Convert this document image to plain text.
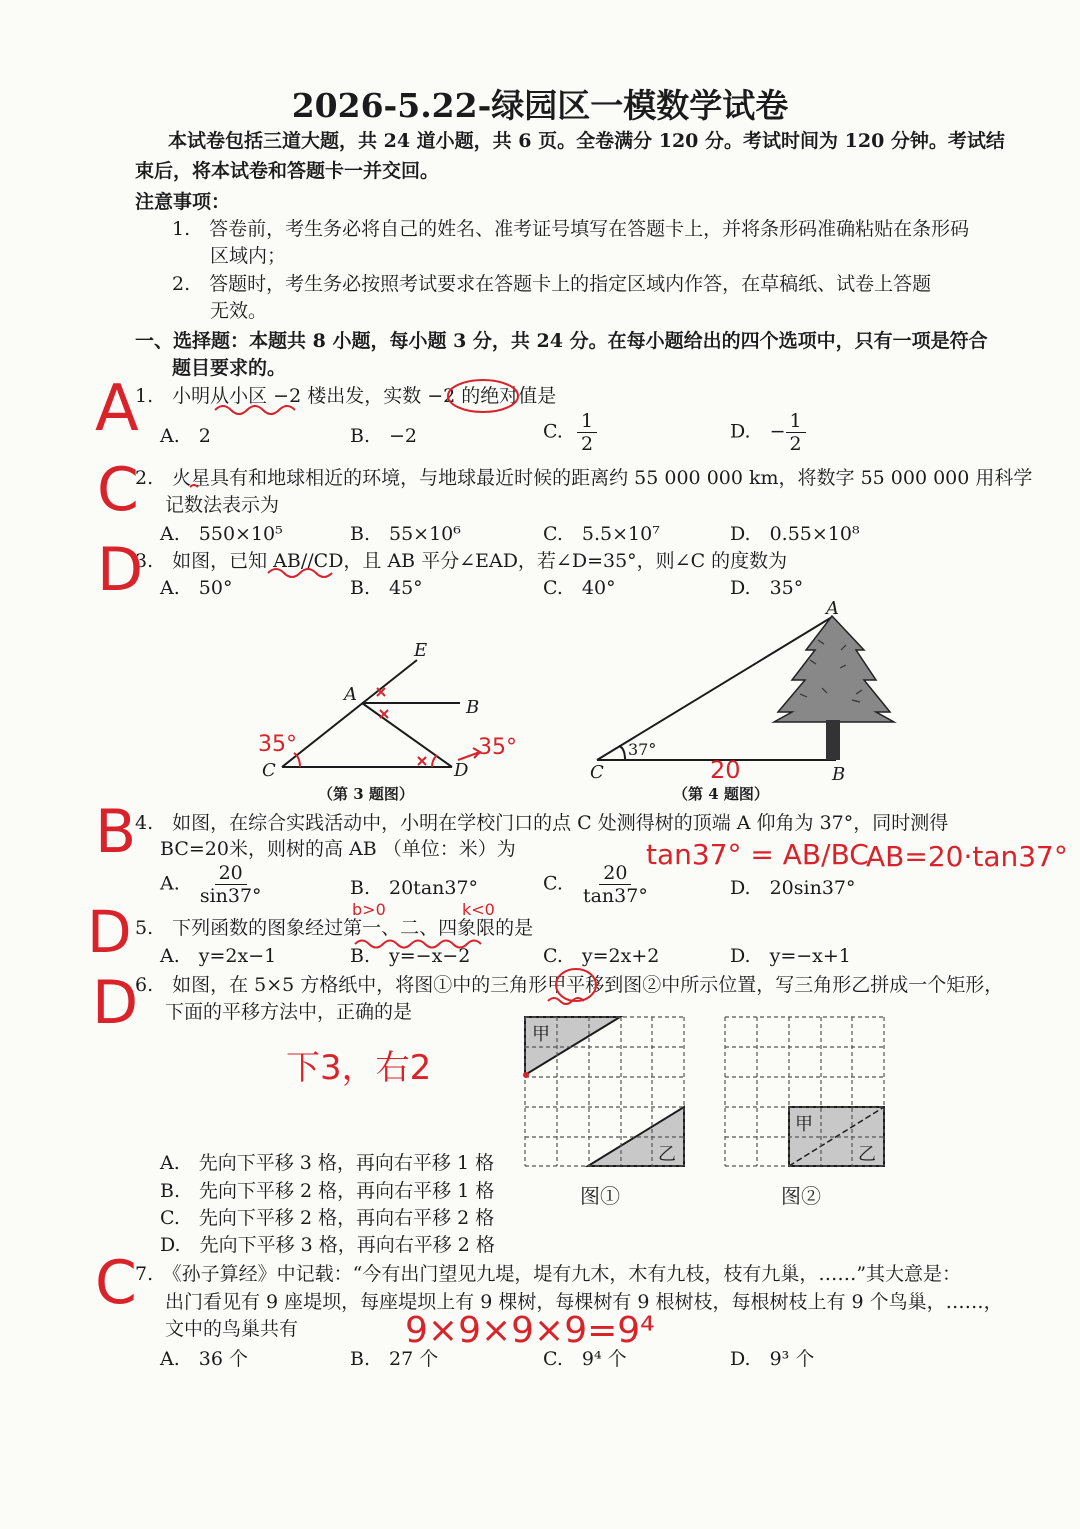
2026-5.22-绿园区一模数学试卷
本试卷包括三道大题，共 24 道小题，共 6 页。全卷满分 120 分。考试时间为 120 分钟。考试结
束后，将本试卷和答题卡一并交回。
注意事项：
1.　答卷前，考生务必将自己的姓名、准考证号填写在答题卡上，并将条形码准确粘贴在条形码
区域内；
2.　答题时，考生务必按照考试要求在答题卡上的指定区域内作答，在草稿纸、试卷上答题
无效。
一、选择题：本题共 8 小题，每小题 3 分，共 24 分。在每小题给出的四个选项中，只有一项是符合
题目要求的。
1.　小明从小区 −2 楼出发，实数 −2 的绝对值是
A.　2	B.　−2	C. $\frac{1}{2}$	D.　− $\frac{1}{2}$
2.　火星具有和地球相近的环境，与地球最近时候的距离约 55 000 000 km，将数字 55 000 000 用科学
记数法表示为
A.　550×10⁵	B.　55×10⁶	C.　5.5×10⁷	D.　0.55×10⁸
3.　如图，已知 AB//CD，且 AB 平分∠EAD，若∠D=35°，则∠C 的度数为
A.　50°	B.　45°	C.　40°	D.　35°
E
A
B
C	D
（第 3 题图）
A
B
C
37°
（第 4 题图）
4.　如图，在综合实践活动中，小明在学校门口的点 C 处测得树的顶端 A 仰角为 37°，同时测得
BC=20米，则树的高 AB （单位：米）为
A. $\frac{20}{\sin 37^\circ}$	B.　20tan37°	C. $\frac{20}{\tan 37^\circ}$	D.　20sin37°
5.　下列函数的图象经过第一、二、四象限的是
A.　y=2x−1	B.　y=−x−2	C.　y=2x+2	D.　y=−x+1
6.　如图，在 5×5 方格纸中，将图①中的三角形甲平移到图②中所示位置，写三角形乙拼成一个矩形，
下面的平移方法中，正确的是
A.　先向下平移 3 格，再向右平移 1 格
B.　先向下平移 2 格，再向右平移 1 格
C.　先向下平移 2 格，再向右平移 2 格
D.　先向下平移 3 格，再向右平移 2 格
甲
乙
甲
乙
图①	图②
7.　《孙子算经》中记载：“今有出门望见九堤，堤有九木，木有九枝，枝有九巢，……”其大意是：
出门看见有 9 座堤坝，每座堤坝上有 9 棵树，每棵树有 9 根树枝，每根树枝上有 9 个鸟巢，……，
文中的鸟巢共有
A.　36 个	B.　27 个	C.　9⁴ 个	D.　9³ 个
A
C
D
B
D
D
C
35°	35°
20
tan37° = AB/BC
AB=20·tan37°
b>0	k<0
下3，右2
9×9×9×9=9⁴
